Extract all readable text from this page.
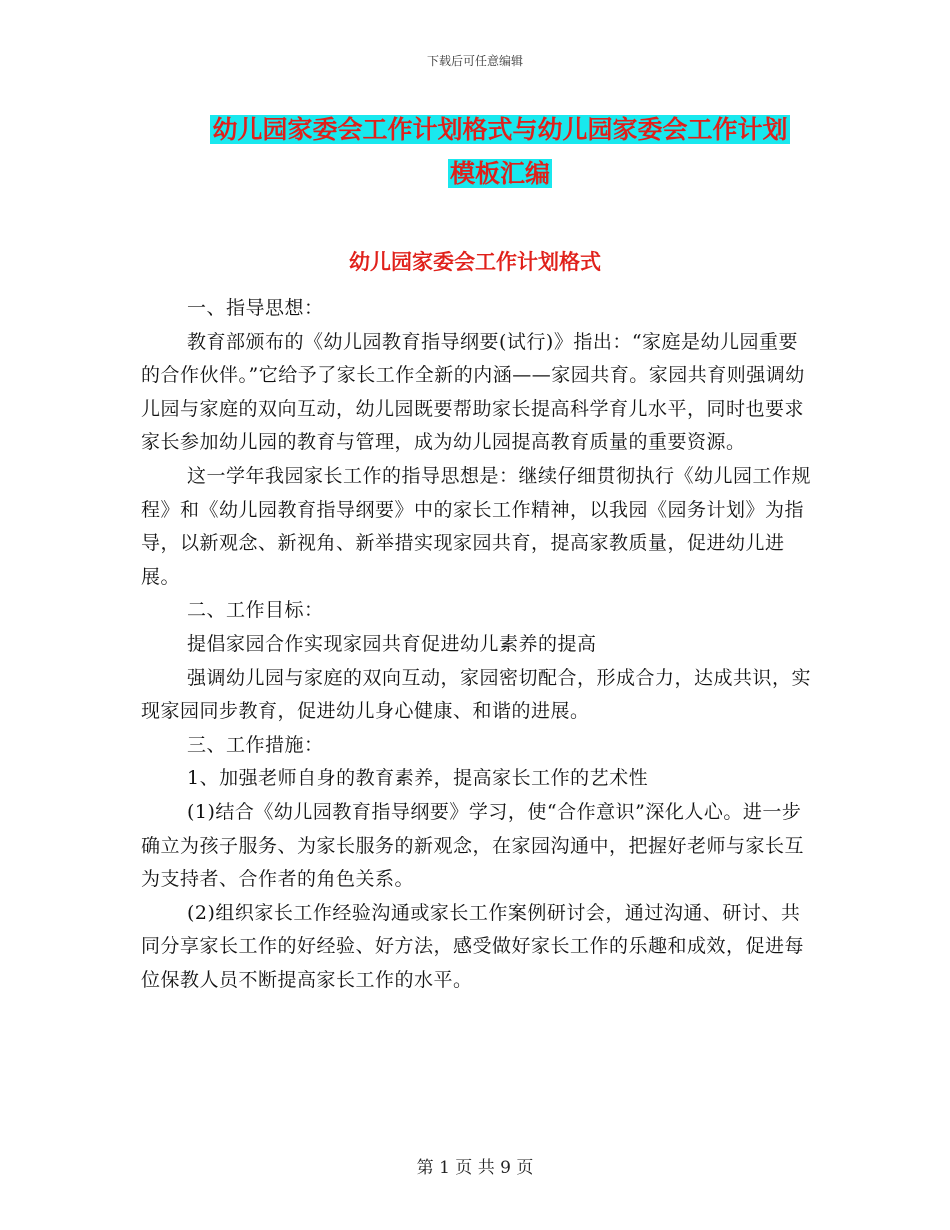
下载后可任意编辑
幼儿园家委会工作计划格式与幼儿园家委会工作计划
模板汇编
幼儿园家委会工作计划格式

一、指导思想：

教育部颁布的《幼儿园教育指导纲要(试行)》指出：“家庭是幼儿园重要的合作伙伴。”它给予了家长工作全新的内涵——家园共育。家园共育则强调幼儿园与家庭的双向互动，幼儿园既要帮助家长提高科学育儿水平，同时也要求家长参加幼儿园的教育与管理，成为幼儿园提高教育质量的重要资源。

这一学年我园家长工作的指导思想是：继续仔细贯彻执行《幼儿园工作规程》和《幼儿园教育指导纲要》中的家长工作精神，以我园《园务计划》为指导，以新观念、新视角、新举措实现家园共育，提高家教质量，促进幼儿进展。

二、工作目标：

提倡家园合作实现家园共育促进幼儿素养的提高

强调幼儿园与家庭的双向互动，家园密切配合，形成合力，达成共识，实现家园同步教育，促进幼儿身心健康、和谐的进展。

三、工作措施：

1、加强老师自身的教育素养，提高家长工作的艺术性

(1)结合《幼儿园教育指导纲要》学习，使“合作意识”深化人心。进一步确立为孩子服务、为家长服务的新观念，在家园沟通中，把握好老师与家长互为支持者、合作者的角色关系。

(2)组织家长工作经验沟通或家长工作案例研讨会，通过沟通、研讨、共同分享家长工作的好经验、好方法，感受做好家长工作的乐趣和成效，促进每位保教人员不断提高家长工作的水平。

第 1 页 共 9 页
